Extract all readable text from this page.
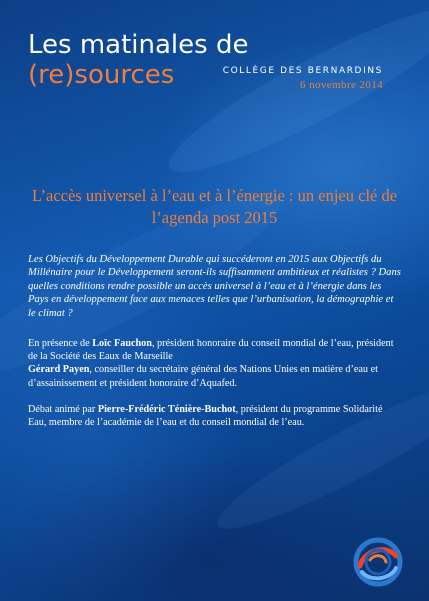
Les matinales de
(re)sources	COLLÈGE DES BERNARDINS
6 novembre 2014
L’accès universel à l’eau et à l’énergie : un enjeu clé de l’agenda post 2015
Les Objectifs du Développement Durable qui succéderont en 2015 aux Objectifs du Millénaire pour le Développement seront-ils suffisamment ambitieux et réalistes ? Dans quelles conditions rendre possible un accès universel à l’eau et à l’énergie dans les Pays en développement face aux menaces telles que l’urbanisation, la démographie et le climat ?

En présence de Loïc Fauchon, président honoraire du conseil mondial de l’eau, président de la Société des Eaux de Marseille

Gérard Payen, conseiller du secrétaire général des Nations Unies en matière d’eau et d’assainissement et président honoraire d’Aquafed.

Débat animé par Pierre-Frédéric Ténière-Buchot, président du programme Solidarité Eau, membre de l’académie de l’eau et du conseil mondial de l’eau.
